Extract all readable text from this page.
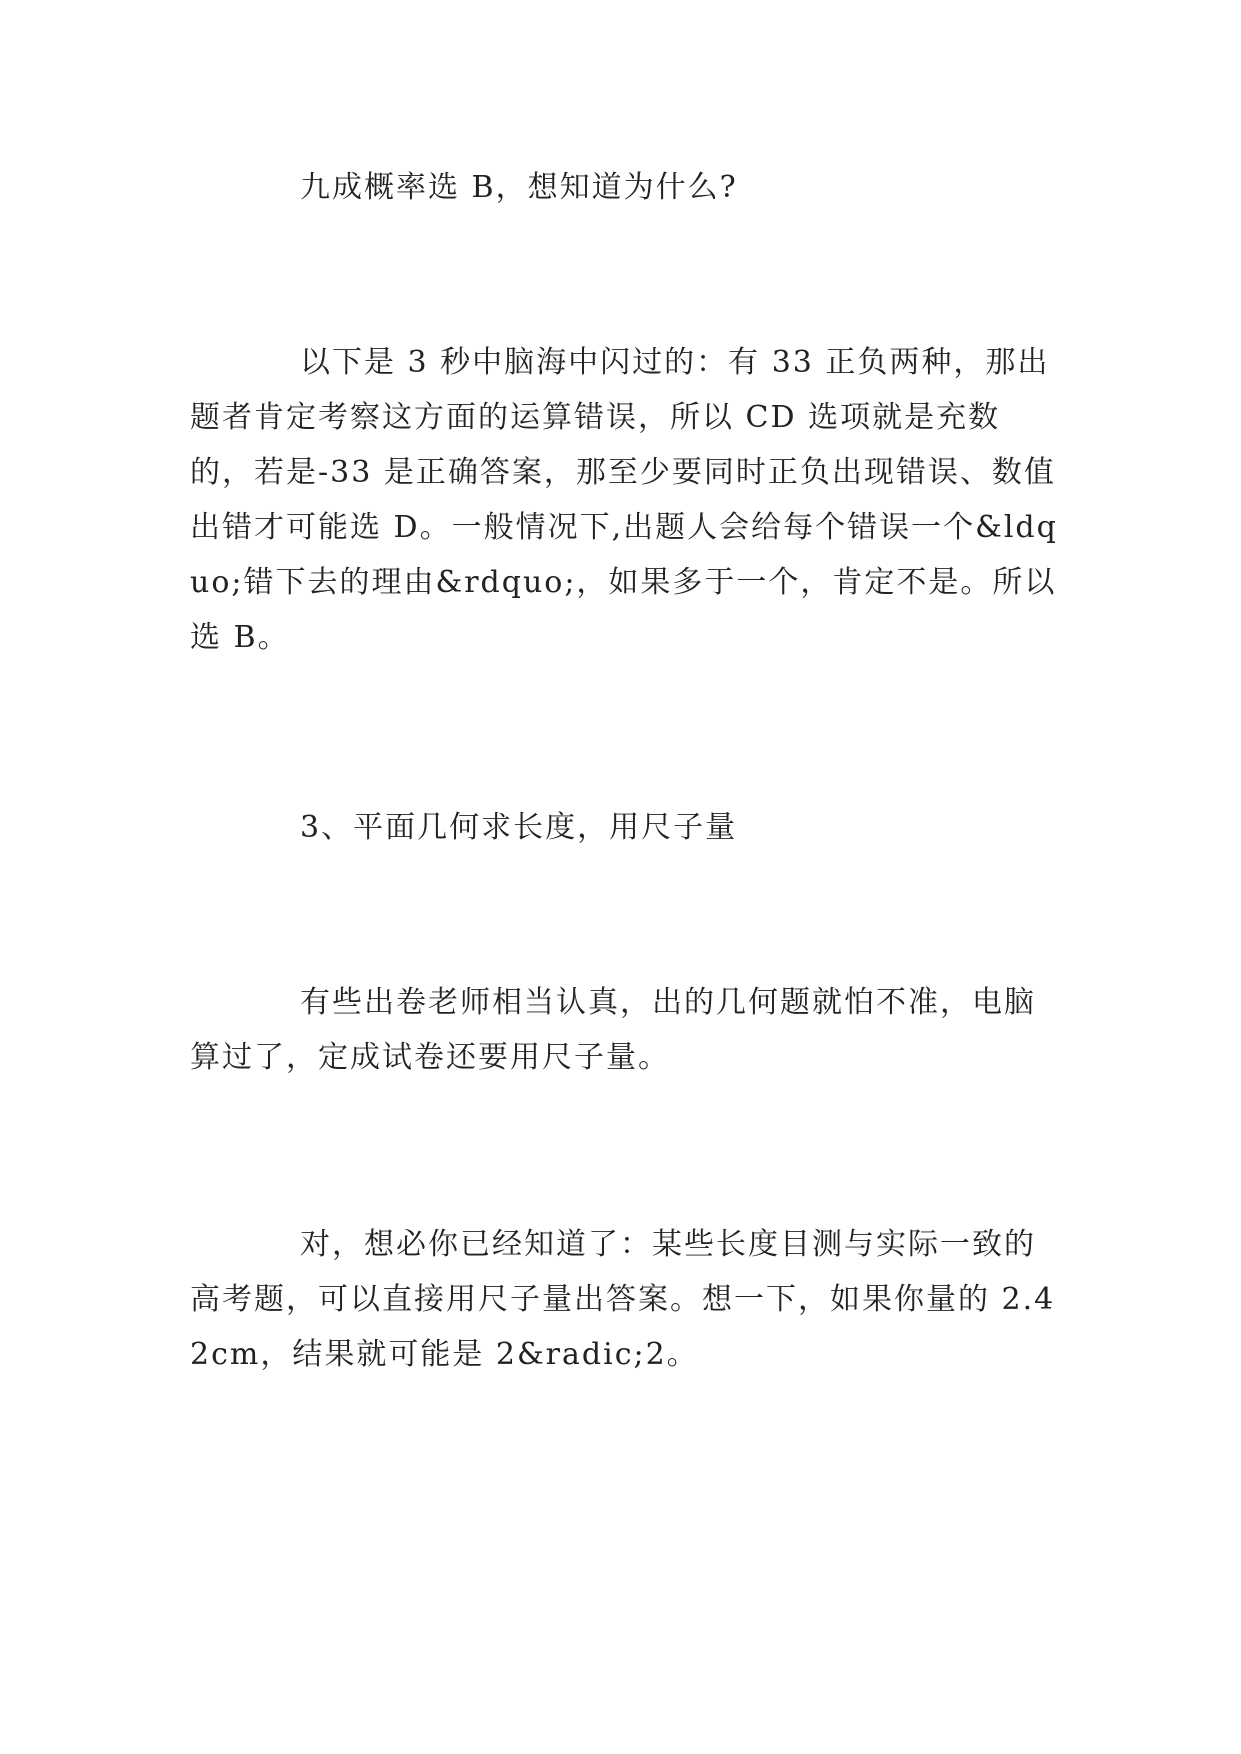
九成概率选 B，想知道为什么?

以下是 3 秒中脑海中闪过的：有 33 正负两种，那出题者肯定考察这方面的运算错误，所以 CD 选项就是充数的，若是-33 是正确答案，那至少要同时正负出现错误、数值出错才可能选 D。一般情况下,出题人会给每个错误一个&ldquo;错下去的理由&rdquo;，如果多于一个，肯定不是。所以选 B。

3、平面几何求长度，用尺子量

有些出卷老师相当认真，出的几何题就怕不准，电脑算过了，定成试卷还要用尺子量。

对，想必你已经知道了：某些长度目测与实际一致的高考题，可以直接用尺子量出答案。想一下，如果你量的 2.42cm，结果就可能是 2&radic;2。
